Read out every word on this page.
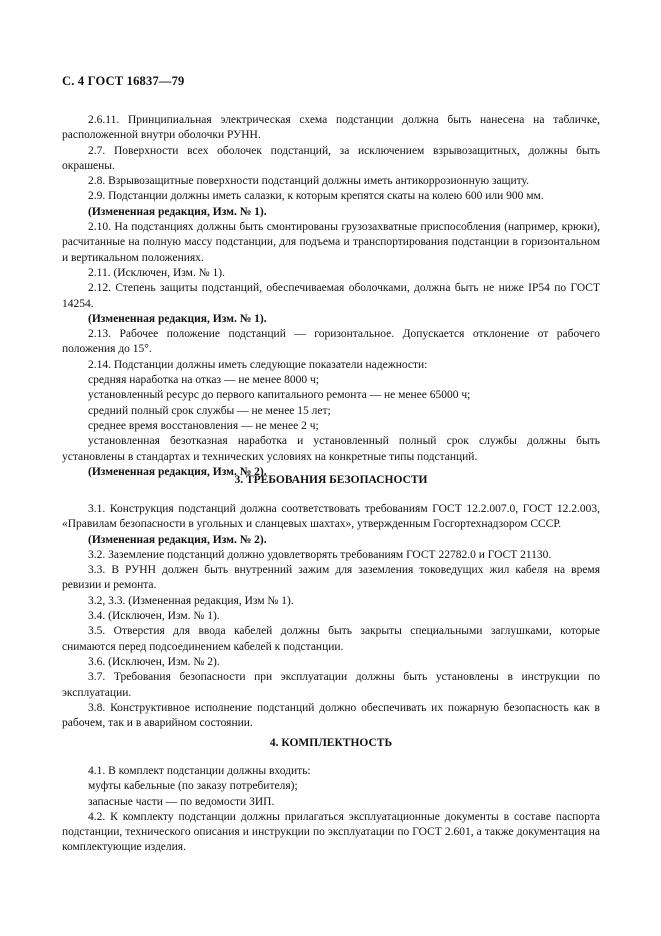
С. 4 ГОСТ 16837—79

2.6.11. Принципиальная электрическая схема подстанции должна быть нанесена на табличке, расположенной внутри оболочки РУНН.

2.7. Поверхности всех оболочек подстанций, за исключением взрывозащитных, должны быть окрашены.

2.8. Взрывозащитные поверхности подстанций должны иметь антикоррозионную защиту.

2.9. Подстанции должны иметь салазки, к которым крепятся скаты на колею 600 или 900 мм.

(Измененная редакция, Изм. № 1).

2.10. На подстанциях должны быть смонтированы грузозахватные приспособления (например, крюки), расчитанные на полную массу подстанции, для подъема и транспортирования подстанции в горизонтальном и вертикальном положениях.

2.11. (Исключен, Изм. № 1).

2.12. Степень защиты подстанций, обеспечиваемая оболочками, должна быть не ниже IP54 по ГОСТ 14254.

(Измененная редакция, Изм. № 1).

2.13. Рабочее положение подстанций — горизонтальное. Допускается отклонение от рабочего положения до 15°.

2.14. Подстанции должны иметь следующие показатели надежности:

средняя наработка на отказ — не менее 8000 ч;

установленный ресурс до первого капитального ремонта — не менее 65000 ч;

средний полный срок службы — не менее 15 лет;

среднее время восстановления — не менее 2 ч;

установленная безотказная наработка и установленный полный срок службы должны быть установлены в стандартах и технических условиях на конкретные типы подстанций.

(Измененная редакция, Изм. № 2).

3. ТРЕБОВАНИЯ БЕЗОПАСНОСТИ

3.1. Конструкция подстанций должна соответствовать требованиям ГОСТ 12.2.007.0, ГОСТ 12.2.003, «Правилам безопасности в угольных и сланцевых шахтах», утвержденным Госгортехнадзором СССР.

(Измененная редакция, Изм. № 2).

3.2. Заземление подстанций должно удовлетворять требованиям ГОСТ 22782.0 и ГОСТ 21130.

3.3. В РУНН должен быть внутренний зажим для заземления токоведущих жил кабеля на время ревизии и ремонта.

3.2, 3.3. (Измененная редакция, Изм № 1).

3.4. (Исключен, Изм. № 1).

3.5. Отверстия для ввода кабелей должны быть закрыты специальными заглушками, которые снимаются перед подсоединением кабелей к подстанции.

3.6. (Исключен, Изм. № 2).

3.7. Требования безопасности при эксплуатации должны быть установлены в инструкции по эксплуатации.

3.8. Конструктивное исполнение подстанций должно обеспечивать их пожарную безопасность как в рабочем, так и в аварийном состоянии.

4. КОМПЛЕКТНОСТЬ

4.1. В комплект подстанции должны входить:

муфты кабельные (по заказу потребителя);

запасные части — по ведомости ЗИП.

4.2. К комплекту подстанции должны прилагаться эксплуатационные документы в составе паспорта подстанции, технического описания и инструкции по эксплуатации по ГОСТ 2.601, а также документация на комплектующие изделия.
